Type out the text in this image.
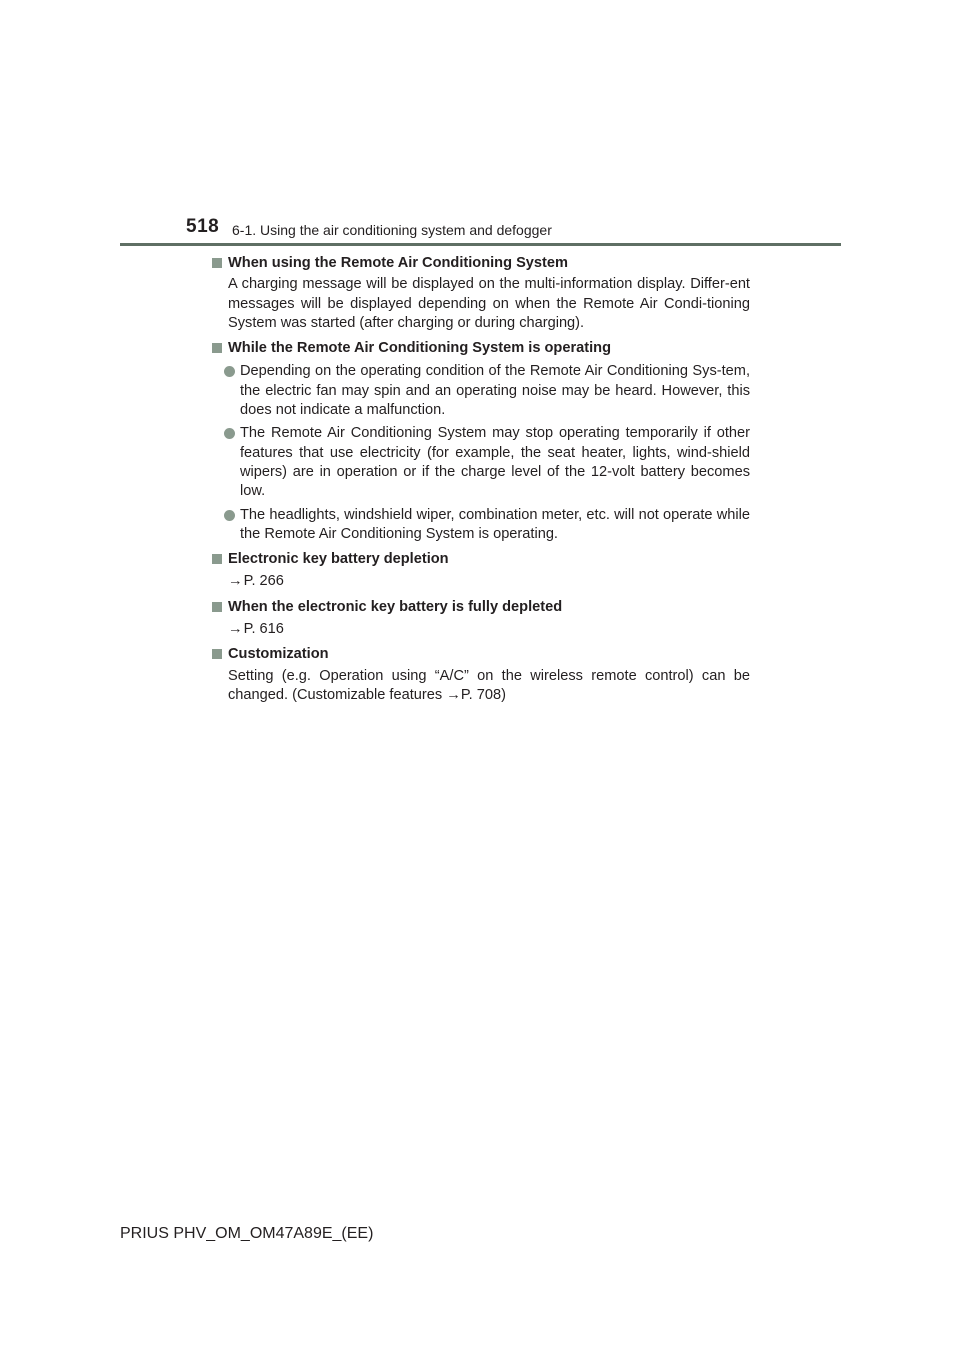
518 6-1. Using the air conditioning system and defogger
When using the Remote Air Conditioning System
A charging message will be displayed on the multi-information display. Differ-ent messages will be displayed depending on when the Remote Air Condi-tioning System was started (after charging or during charging).
While the Remote Air Conditioning System is operating
Depending on the operating condition of the Remote Air Conditioning Sys-tem, the electric fan may spin and an operating noise may be heard. However, this does not indicate a malfunction.
The Remote Air Conditioning System may stop operating temporarily if other features that use electricity (for example, the seat heater, lights, wind-shield wipers) are in operation or if the charge level of the 12-volt battery becomes low.
The headlights, windshield wiper, combination meter, etc. will not operate while the Remote Air Conditioning System is operating.
Electronic key battery depletion
→P. 266
When the electronic key battery is fully depleted
→P. 616
Customization
Setting (e.g. Operation using “A/C” on the wireless remote control) can be changed. (Customizable features →P. 708)
PRIUS PHV_OM_OM47A89E_(EE)
